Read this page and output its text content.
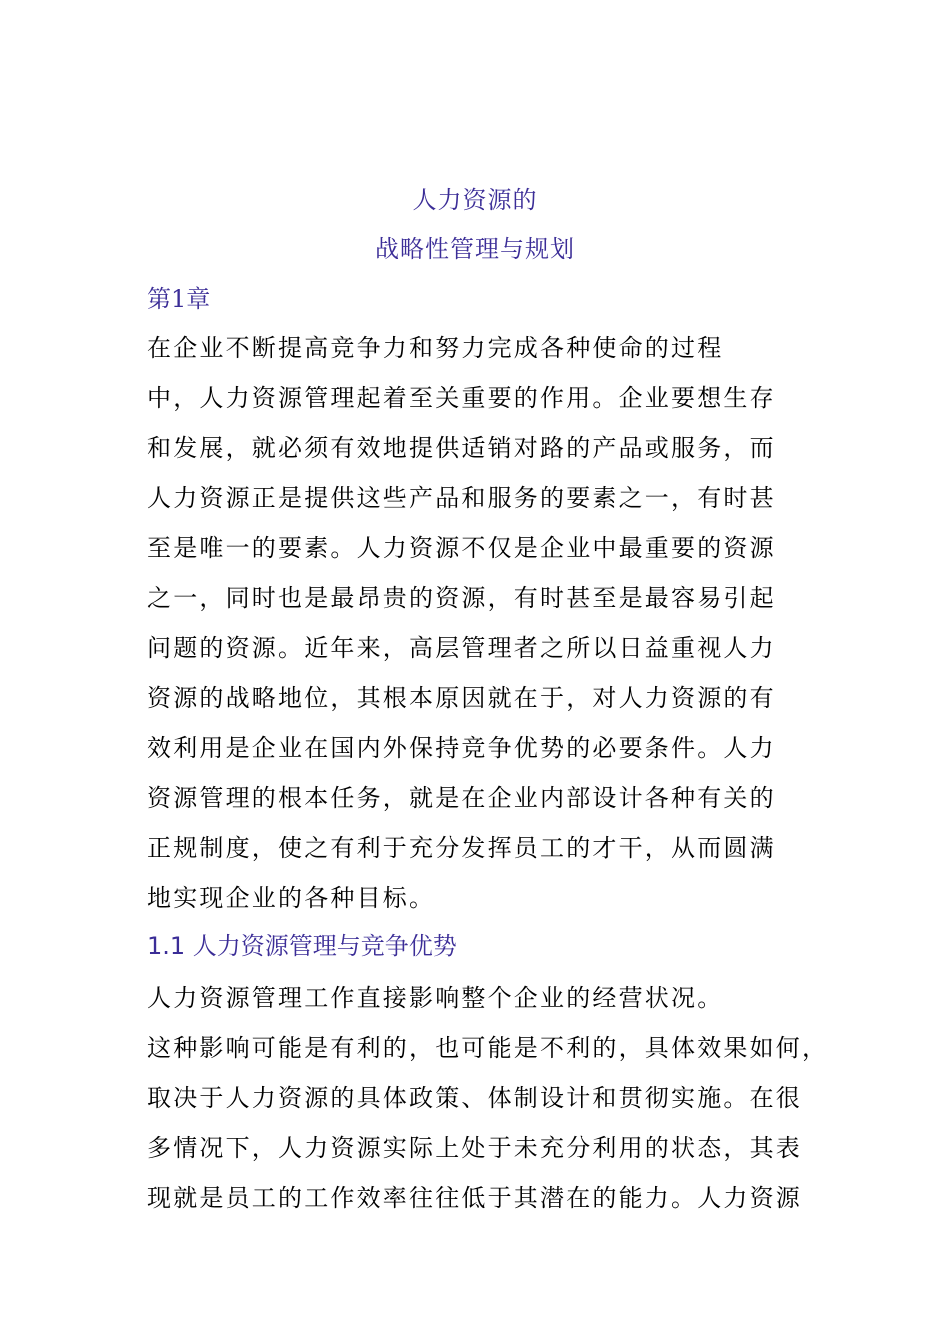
人力资源的
战略性管理与规划
第1章
在企业不断提高竞争力和努力完成各种使命的过程
中，人力资源管理起着至关重要的作用。企业要想生存
和发展，就必须有效地提供适销对路的产品或服务，而
人力资源正是提供这些产品和服务的要素之一，有时甚
至是唯一的要素。人力资源不仅是企业中最重要的资源
之一，同时也是最昂贵的资源，有时甚至是最容易引起
问题的资源。近年来，高层管理者之所以日益重视人力
资源的战略地位，其根本原因就在于，对人力资源的有
效利用是企业在国内外保持竞争优势的必要条件。人力
资源管理的根本任务，就是在企业内部设计各种有关的
正规制度，使之有利于充分发挥员工的才干，从而圆满
地实现企业的各种目标。
1.1 人力资源管理与竞争优势
人力资源管理工作直接影响整个企业的经营状况。
这种影响可能是有利的，也可能是不利的，具体效果如何，
取决于人力资源的具体政策、体制设计和贯彻实施。在很
多情况下，人力资源实际上处于未充分利用的状态，其表
现就是员工的工作效率往往低于其潜在的能力。人力资源
